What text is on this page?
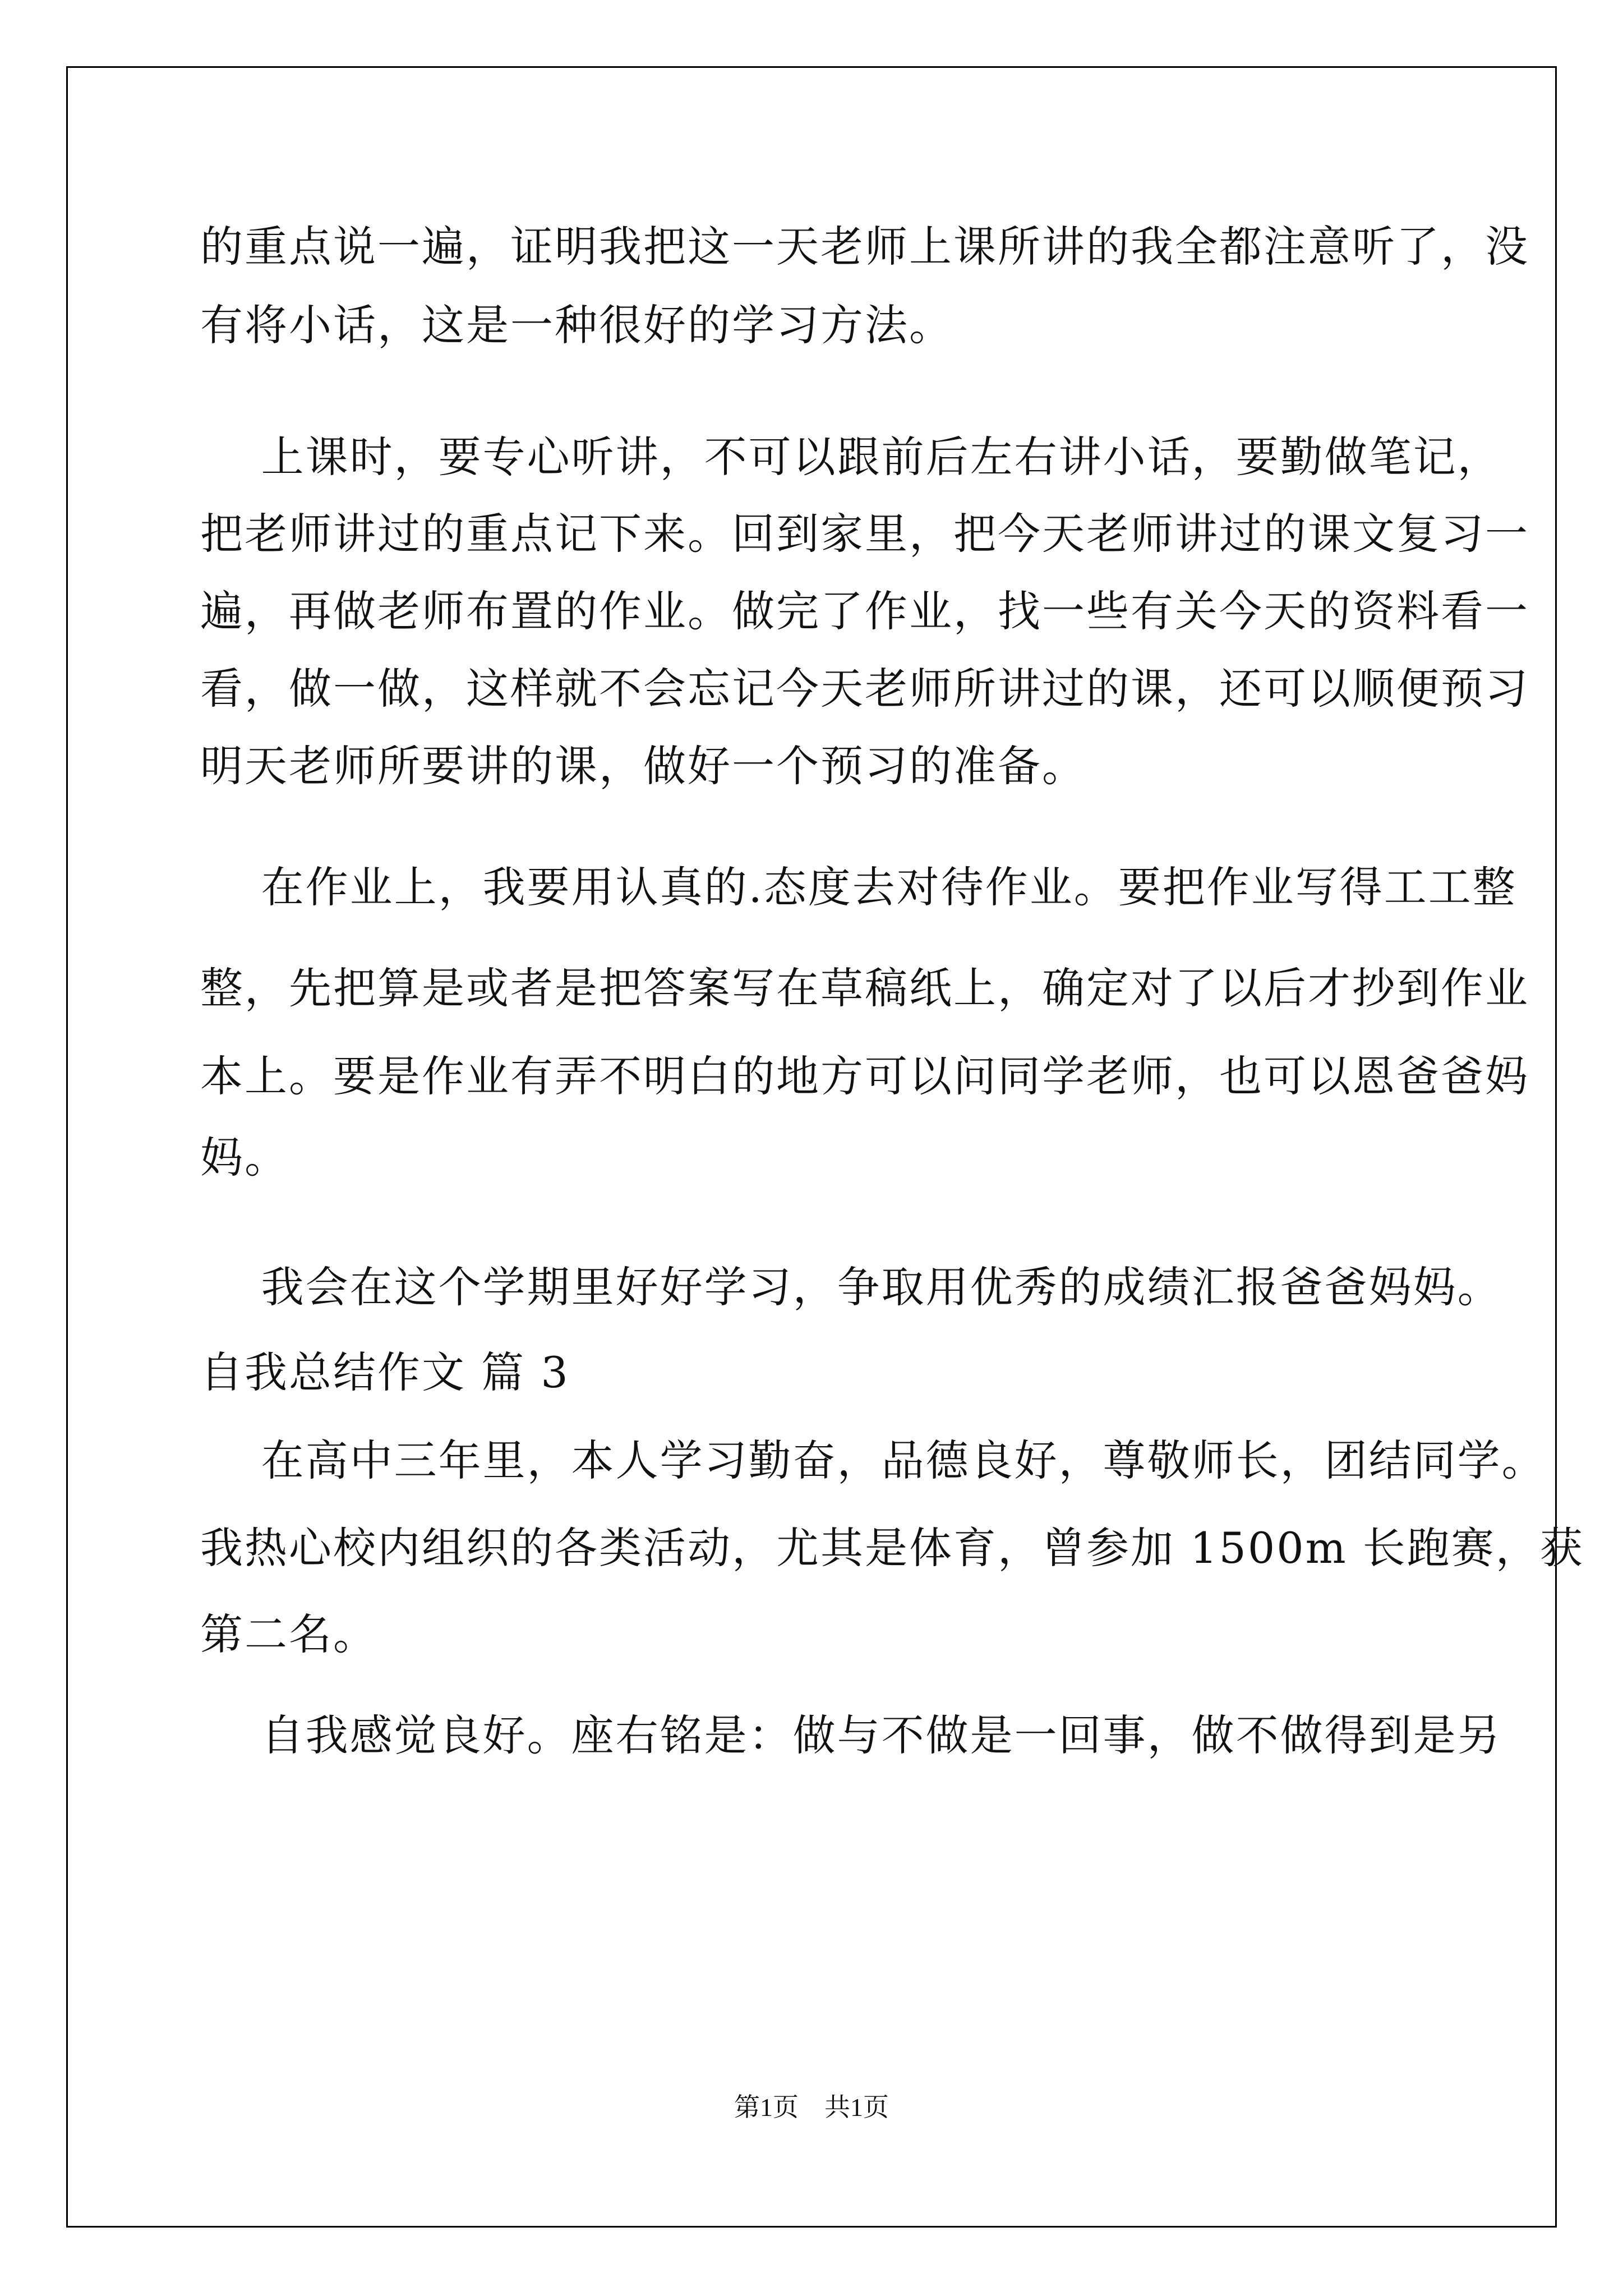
的重点说一遍，证明我把这一天老师上课所讲的我全都注意听了，没
有将小话，这是一种很好的学习方法。
上课时，要专心听讲，不可以跟前后左右讲小话，要勤做笔记，
把老师讲过的重点记下来。回到家里，把今天老师讲过的课文复习一
遍，再做老师布置的作业。做完了作业，找一些有关今天的资料看一
看，做一做，这样就不会忘记今天老师所讲过的课，还可以顺便预习
明天老师所要讲的课，做好一个预习的准备。
在作业上，我要用认真的.态度去对待作业。要把作业写得工工整
整，先把算是或者是把答案写在草稿纸上，确定对了以后才抄到作业
本上。要是作业有弄不明白的地方可以问同学老师，也可以恩爸爸妈
妈。
我会在这个学期里好好学习，争取用优秀的成绩汇报爸爸妈妈。
自我总结作文 篇 3
在高中三年里，本人学习勤奋，品德良好，尊敬师长，团结同学。
我热心校内组织的各类活动，尤其是体育，曾参加 1500m 长跑赛，获
第二名。
自我感觉良好。座右铭是：做与不做是一回事，做不做得到是另
第1页　共1页
